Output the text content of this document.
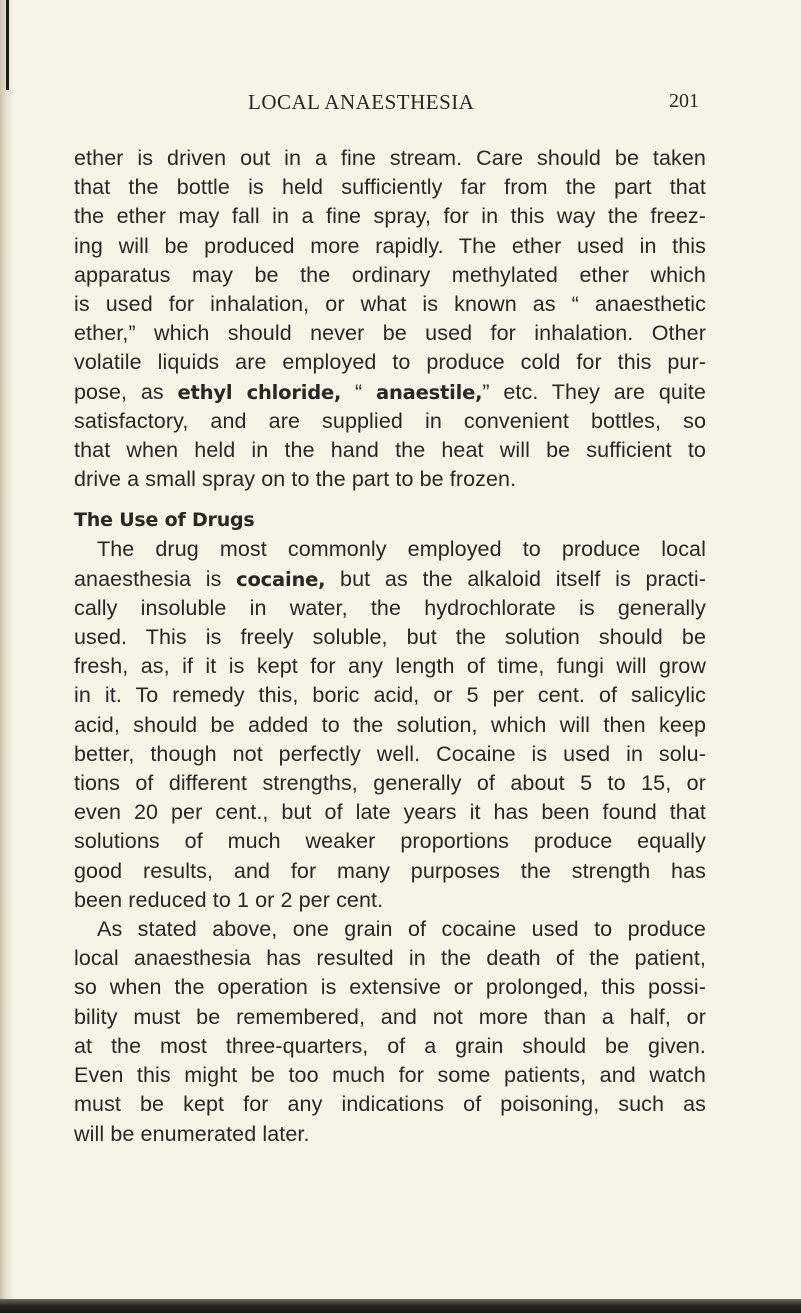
LOCAL ANAESTHESIA	201
ether is driven out in a fine stream. Care should be taken
that the bottle is held sufficiently far from the part that
the ether may fall in a fine spray, for in this way the freez-
ing will be produced more rapidly. The ether used in this
apparatus may be the ordinary methylated ether which
is used for inhalation, or what is known as “ anaesthetic
ether,” which should never be used for inhalation. Other
volatile liquids are employed to produce cold for this pur-
pose, as ethyl chloride, “ anaestile,” etc. They are quite
satisfactory, and are supplied in convenient bottles, so
that when held in the hand the heat will be sufficient to
drive a small spray on to the part to be frozen.
The Use of Drugs
The drug most commonly employed to produce local
anaesthesia is cocaine, but as the alkaloid itself is practi-
cally insoluble in water, the hydrochlorate is generally
used. This is freely soluble, but the solution should be
fresh, as, if it is kept for any length of time, fungi will grow
in it. To remedy this, boric acid, or 5 per cent. of salicylic
acid, should be added to the solution, which will then keep
better, though not perfectly well. Cocaine is used in solu-
tions of different strengths, generally of about 5 to 15, or
even 20 per cent., but of late years it has been found that
solutions of much weaker proportions produce equally
good results, and for many purposes the strength has
been reduced to 1 or 2 per cent.
As stated above, one grain of cocaine used to produce
local anaesthesia has resulted in the death of the patient,
so when the operation is extensive or prolonged, this possi-
bility must be remembered, and not more than a half, or
at the most three-quarters, of a grain should be given.
Even this might be too much for some patients, and watch
must be kept for any indications of poisoning, such as
will be enumerated later.
